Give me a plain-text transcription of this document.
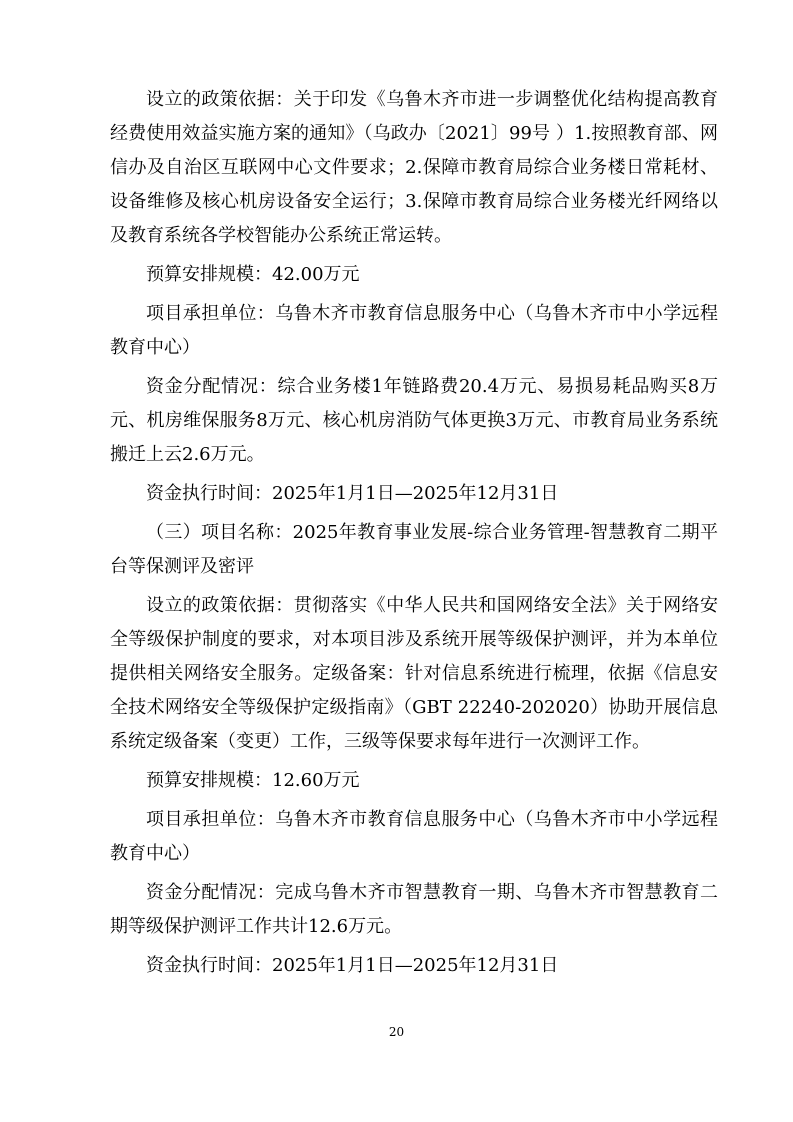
设立的政策依据：关于印发《乌鲁木齐市进一步调整优化结构提高教育经费使用效益实施方案的通知》（乌政办〔2021〕99号 ）1.按照教育部、网信办及自治区互联网中心文件要求；2.保障市教育局综合业务楼日常耗材、设备维修及核心机房设备安全运行；3.保障市教育局综合业务楼光纤网络以及教育系统各学校智能办公系统正常运转。

预算安排规模：42.00万元

项目承担单位：乌鲁木齐市教育信息服务中心（乌鲁木齐市中小学远程教育中心）

资金分配情况：综合业务楼1年链路费20.4万元、易损易耗品购买8万元、机房维保服务8万元、核心机房消防气体更换3万元、市教育局业务系统搬迁上云2.6万元。

资金执行时间：2025年1月1日—2025年12月31日

（三）项目名称：2025年教育事业发展-综合业务管理-智慧教育二期平台等保测评及密评

设立的政策依据：贯彻落实《中华人民共和国网络安全法》关于网络安全等级保护制度的要求，对本项目涉及系统开展等级保护测评，并为本单位提供相关网络安全服务。定级备案：针对信息系统进行梳理，依据《信息安全技术网络安全等级保护定级指南》（GBT 22240-202020）协助开展信息系统定级备案（变更）工作，三级等保要求每年进行一次测评工作。

预算安排规模：12.60万元

项目承担单位：乌鲁木齐市教育信息服务中心（乌鲁木齐市中小学远程教育中心）

资金分配情况：完成乌鲁木齐市智慧教育一期、乌鲁木齐市智慧教育二期等级保护测评工作共计12.6万元。

资金执行时间：2025年1月1日—2025年12月31日

20
